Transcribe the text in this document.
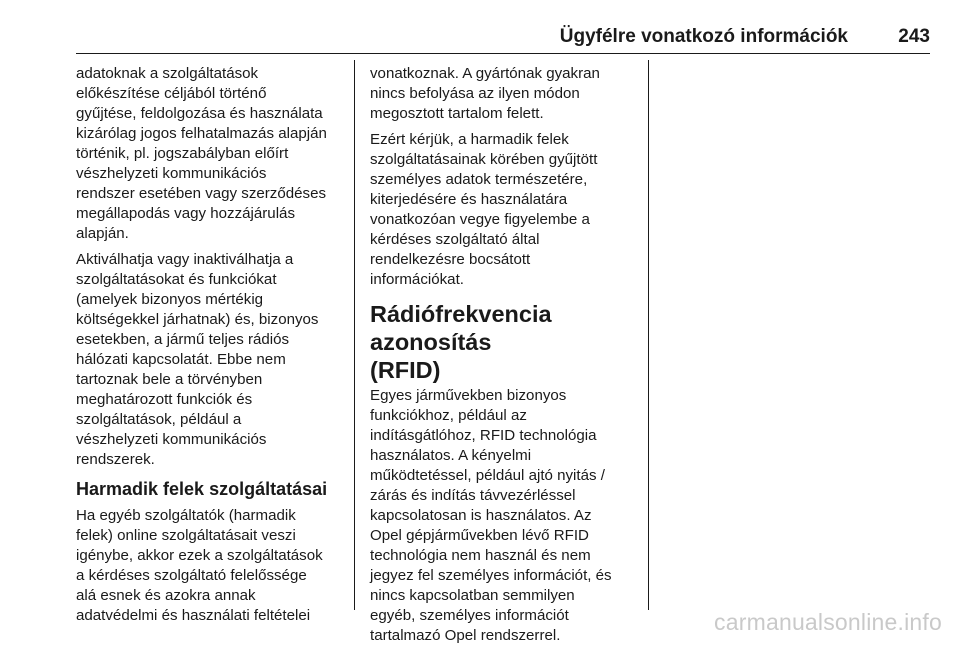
Ügyfélre vonatkozó információk	243

adatoknak a szolgáltatások
előkészítése céljából történő
gyűjtése, feldolgozása és használata
kizárólag jogos felhatalmazás alapján
történik, pl. jogszabályban előírt
vészhelyzeti kommunikációs
rendszer esetében vagy szerződéses
megállapodás vagy hozzájárulás
alapján.

Aktiválhatja vagy inaktiválhatja a
szolgáltatásokat és funkciókat
(amelyek bizonyos mértékig
költségekkel járhatnak) és, bizonyos
esetekben, a jármű teljes rádiós
hálózati kapcsolatát. Ebbe nem
tartoznak bele a törvényben
meghatározott funkciók és
szolgáltatások, például a
vészhelyzeti kommunikációs
rendszerek.

Harmadik felek szolgáltatásai

Ha egyéb szolgáltatók (harmadik
felek) online szolgáltatásait veszi
igénybe, akkor ezek a szolgáltatások
a kérdéses szolgáltató felelőssége
alá esnek és azokra annak
adatvédelmi és használati feltételei

vonatkoznak. A gyártónak gyakran
nincs befolyása az ilyen módon
megosztott tartalom felett.

Ezért kérjük, a harmadik felek
szolgáltatásainak körében gyűjtött
személyes adatok természetére,
kiterjedésére és használatára
vonatkozóan vegye figyelembe a
kérdéses szolgáltató által
rendelkezésre bocsátott
információkat.

Rádiófrekvencia azonosítás
(RFID)

Egyes járművekben bizonyos
funkciókhoz, például az
indításgátlóhoz, RFID technológia
használatos. A kényelmi
működtetéssel, például ajtó nyitás /
zárás és indítás távvezérléssel
kapcsolatosan is használatos. Az
Opel gépjárművekben lévő RFID
technológia nem használ és nem
jegyez fel személyes információt, és
nincs kapcsolatban semmilyen
egyéb, személyes információt
tartalmazó Opel rendszerrel.

carmanualsonline.info
